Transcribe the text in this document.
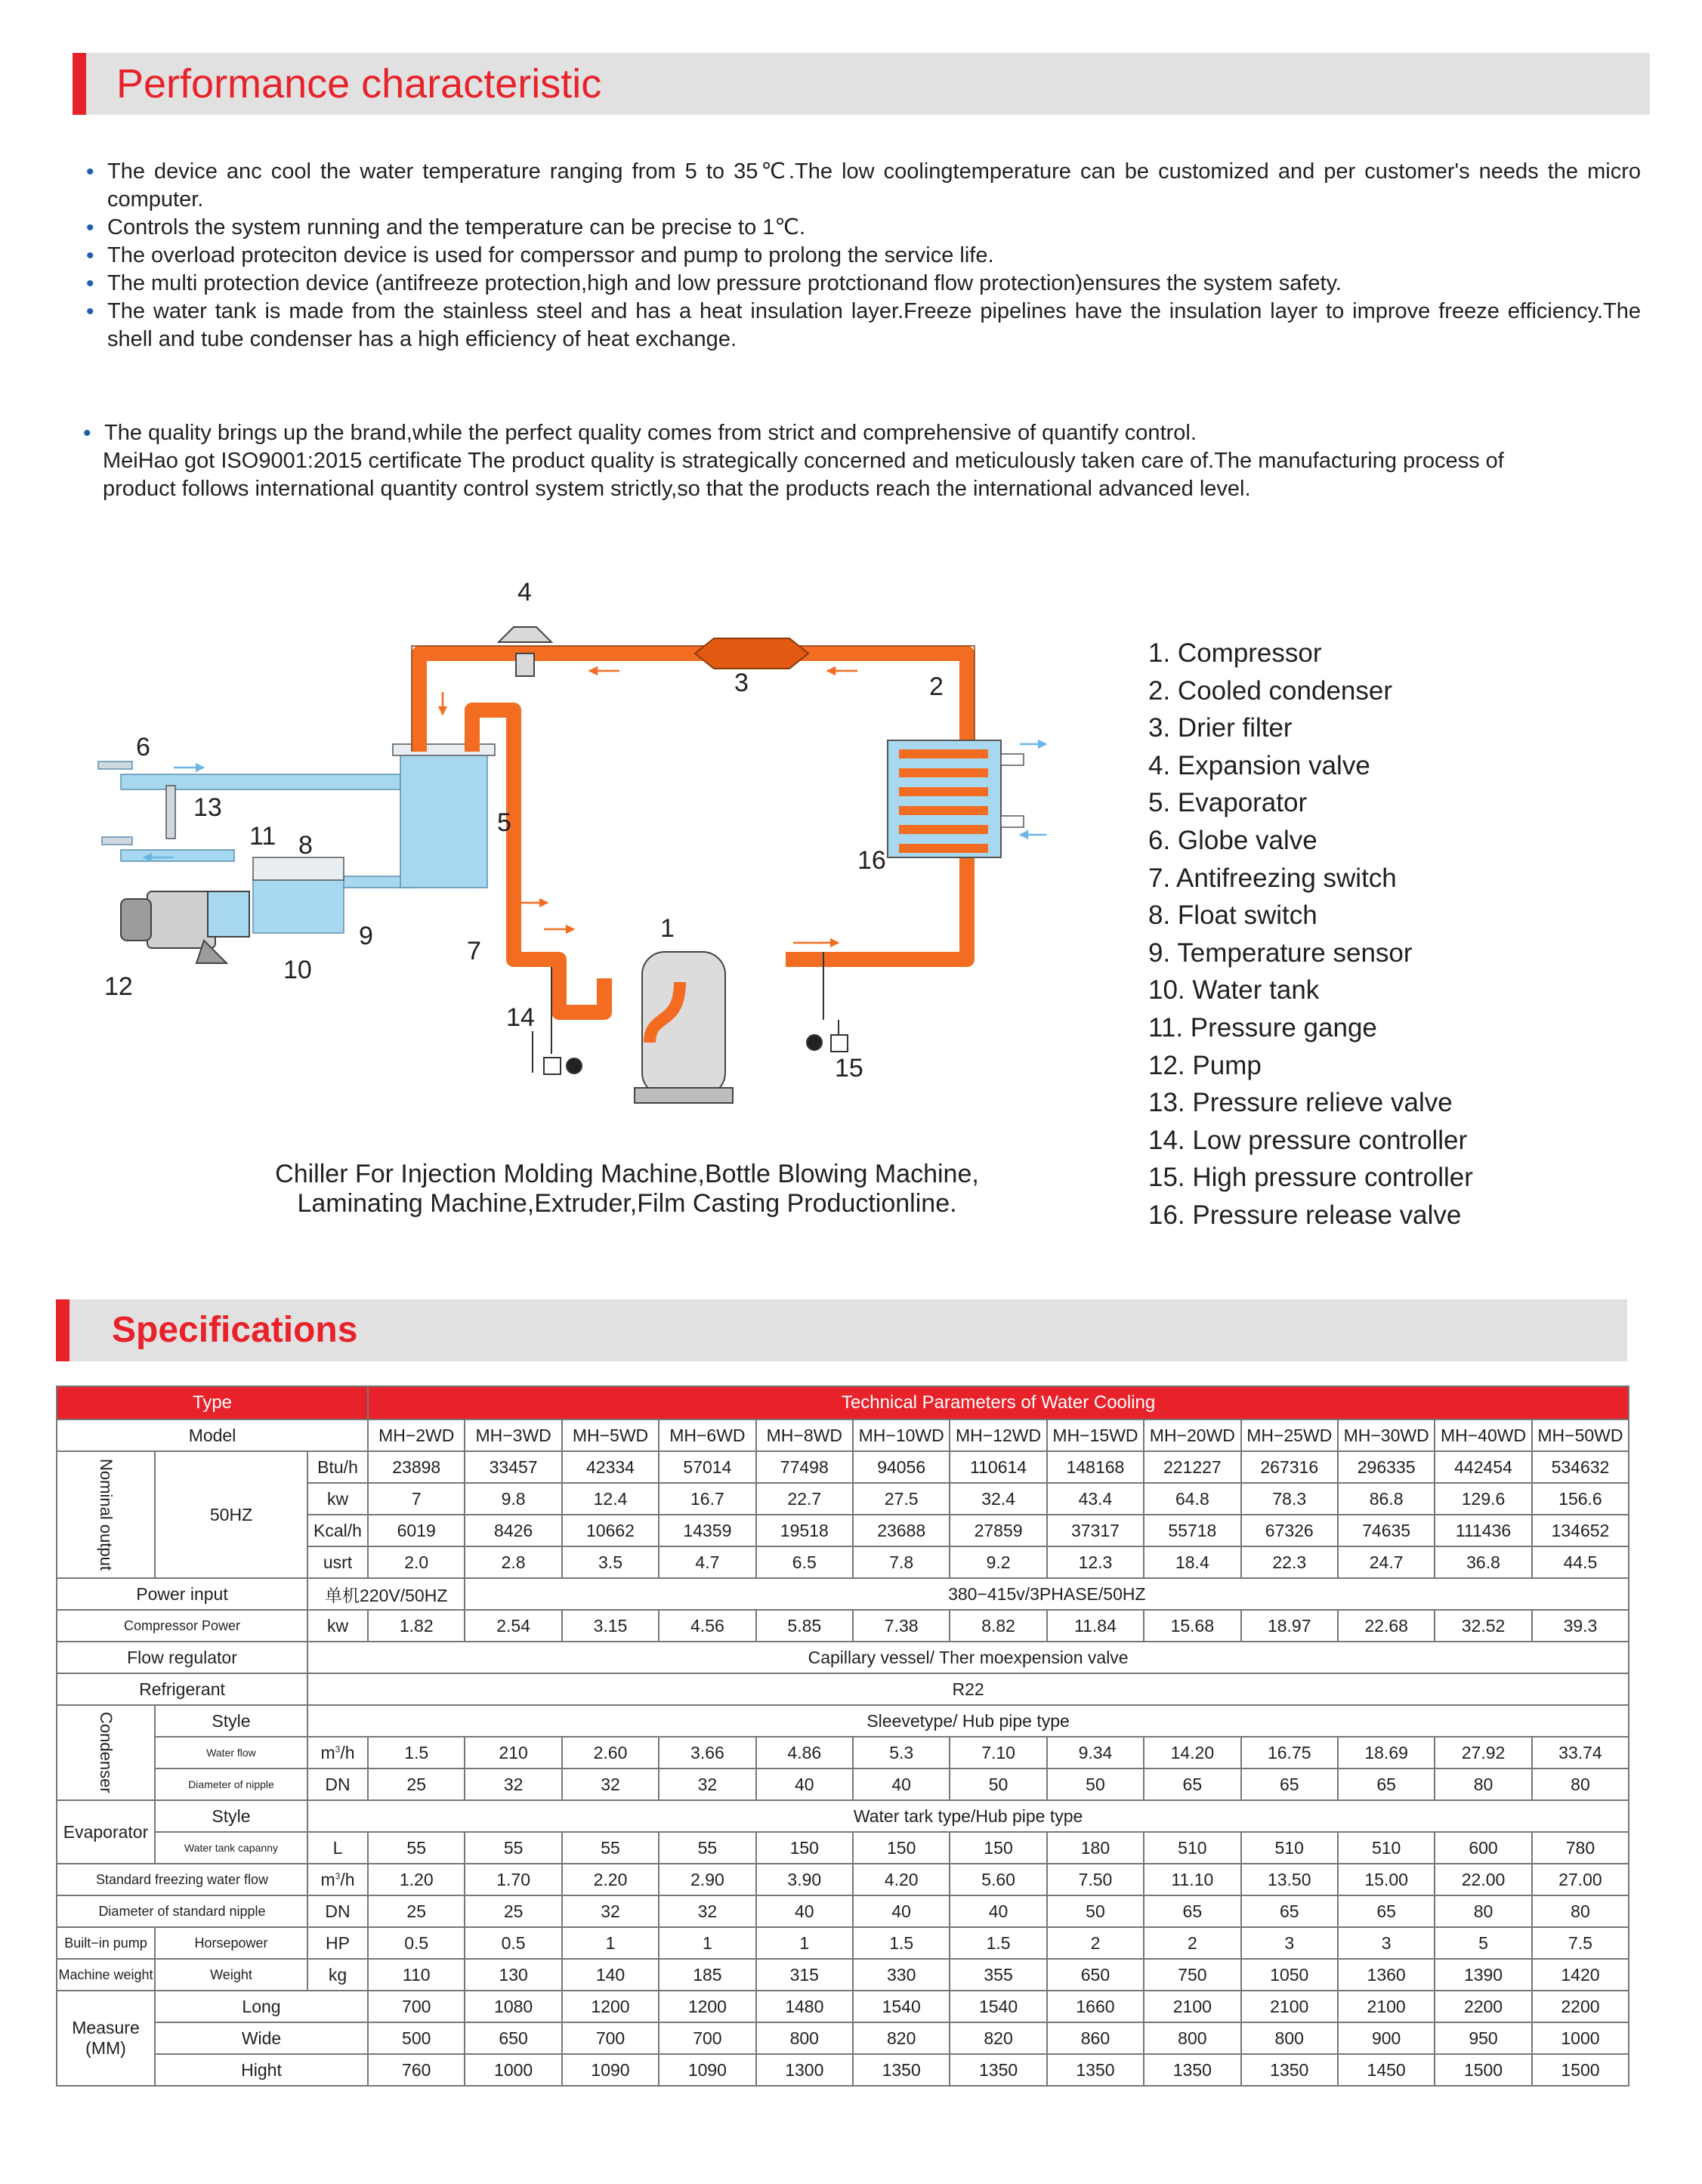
Performance characteristic
• The device anc cool the water temperature ranging from 5 to 35℃.The low coolingtemperature can be customized and per customer's needs the micro computer.
• Controls the system running and the temperature can be precise to 1℃.
• The overload proteciton device is used for comperssor and pump to prolong the service life.
• The multi protection device (antifreeze protection,high and low pressure protctionand flow protection)ensures the system safety.
• The water tank is made from the stainless steel and has a heat insulation layer.Freeze pipelines have the insulation layer to improve freeze efficiency.The shell and tube condenser has a high efficiency of heat exchange.
• The quality brings up the brand,while the perfect quality comes from strict and comprehensive of quantify control.
MeiHao got ISO9001:2015 certificate The product quality is strategically concerned and meticulously taken care of.The manufacturing process of product follows international quantity control system strictly,so that the products reach the international advanced level.
1
2
3
4
5
6
7
8
9
10
11
12
13
14
15
16
1. Compressor
2. Cooled condenser
3. Drier filter
4. Expansion valve
5. Evaporator
6. Globe valve
7. Antifreezing switch
8. Float switch
9. Temperature sensor
10. Water tank
11. Pressure gange
12. Pump
13. Pressure relieve valve
14. Low pressure controller
15. High pressure controller
16. Pressure release valve
Chiller For Injection Molding Machine,Bottle Blowing Machine,
Laminating Machine,Extruder,Film Casting Productionline.
Specifications
Type			Technical Parameters of Water Cooling												
Model			MH−2WD	MH−3WD	MH−5WD	MH−6WD	MH−8WD	MH−10WD	MH−12WD	MH−15WD	MH−20WD	MH−25WD	MH−30WD	MH−40WD	MH−50WD
Nominal output	50HZ	Btu/h	23898	33457	42334	57014	77498	94056	110614	148168	221227	267316	296335	442454	534632
		kw	7	9.8	12.4	16.7	22.7	27.5	32.4	43.4	64.8	78.3	86.8	129.6	156.6
		Kcal/h	6019	8426	10662	14359	19518	23688	27859	37317	55718	67326	74635	111436	134652
		usrt	2.0	2.8	3.5	4.7	6.5	7.8	9.2	12.3	18.4	22.3	24.7	36.8	44.5
Power input		单机220V/50HZ		380−415v/3PHASE/50HZ											
Compressor Power		kw	1.82	2.54	3.15	4.56	5.85	7.38	8.82	11.84	15.68	18.97	22.68	32.52	39.3
Flow regulator		Capillary vessel/ Ther moexpension valve													
Refrigerant		R22													
Condenser	Style	Sleevetype/ Hub pipe type													
	Water flow	$m^3/h$	1.5	210	2.60	3.66	4.86	5.3	7.10	9.34	14.20	16.75	18.69	27.92	33.74
	Diameter of nipple	DN	25	32	32	32	40	40	50	50	65	65	65	80	80
Evaporator	Style	Water tark type/Hub pipe type													
	Water tank capanny	L	55	55	55	55	150	150	150	180	510	510	510	600	780
Standard freezing water flow		$m^3/h$	1.20	1.70	2.20	2.90	3.90	4.20	5.60	7.50	11.10	13.50	15.00	22.00	27.00
Diameter of standard nipple		DN	25	25	32	32	40	40	40	50	65	65	65	80	80
Built−in pump	Horsepower	HP	0.5	0.5	1	1	1	1.5	1.5	2	2	3	3	5	7.5
Machine weight	Weight	kg	110	130	140	185	315	330	355	650	750	1050	1360	1390	1420

Measure
(MM)	Long		700	1080	1200	1200	1480	1540	1540	1660	2100	2100	2100	2200	2200
	Wide		500	650	700	700	800	820	820	860	800	800	900	950	1000
	Hight		760	1000	1090	1090	1300	1350	1350	1350	1350	1350	1450	1500	1500
